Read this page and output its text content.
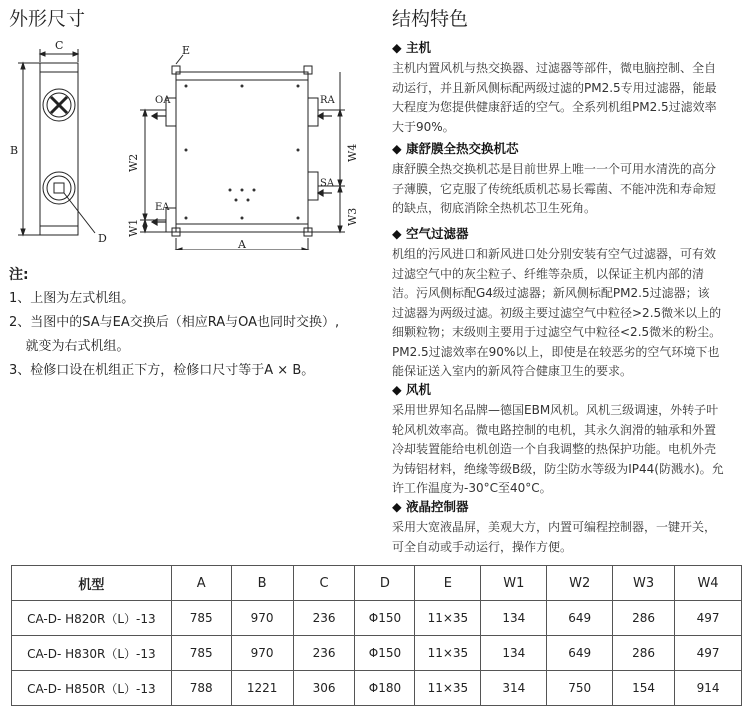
外形尺寸
C
B
D
E
OA	RA
SA
EA
A
W1
W2
W3
W4
注:
1、上图为左式机组。
2、当图中的SA与EA交换后（相应RA与OA也同时交换）,
就变为右式机组。
3、检修口设在机组正下方，检修口尺寸等于A × B。
结构特色
◆ 主机
主机内置风机与热交换器、过滤器等部件，微电脑控制、全自
动运行，并且新风侧标配两级过滤的PM2.5专用过滤器，能最
大程度为您提供健康舒适的空气。全系列机组PM2.5过滤效率
大于90%。
◆ 康舒膜全热交换机芯
康舒膜全热交换机芯是目前世界上唯一一个可用水清洗的高分
子薄膜，它克服了传统纸质机芯易长霉菌、不能冲洗和寿命短
的缺点，彻底消除全热机芯卫生死角。
◆ 空气过滤器
机组的污风进口和新风进口处分别安装有空气过滤器，可有效
过滤空气中的灰尘粒子、纤维等杂质，以保证主机内部的清
洁。污风侧标配G4级过滤器；新风侧标配PM2.5过滤器；该
过滤器为两级过滤。初级主要过滤空气中粒径>2.5微米以上的
细颗粒物；末级则主要用于过滤空气中粒径<2.5微米的粉尘。
PM2.5过滤效率在90%以上，即使是在较恶劣的空气环境下也
能保证送入室内的新风符合健康卫生的要求。
◆ 风机
采用世界知名品牌—德国EBM风机。风机三级调速，外转子叶
轮风机效率高。微电路控制的电机，其永久润滑的轴承和外置
冷却装置能给电机创造一个自我调整的热保护功能。电机外壳
为铸铝材料，绝缘等级B级，防尘防水等级为IP44(防溅水)。允
许工作温度为-30°C至40°C。
◆ 液晶控制器
采用大宽液晶屏，美观大方，内置可编程控制器，一键开关，
可全自动或手动运行，操作方便。
机型	A	B	C	D	E	W1	W2	W3	W4
CA-D- H820R（L）-13	785	970	236	Φ150	11×35	134	649	286	497
CA-D- H830R（L）-13	785	970	236	Φ150	11×35	134	649	286	497
CA-D- H850R（L）-13	788	1221	306	Φ180	11×35	314	750	154	914
